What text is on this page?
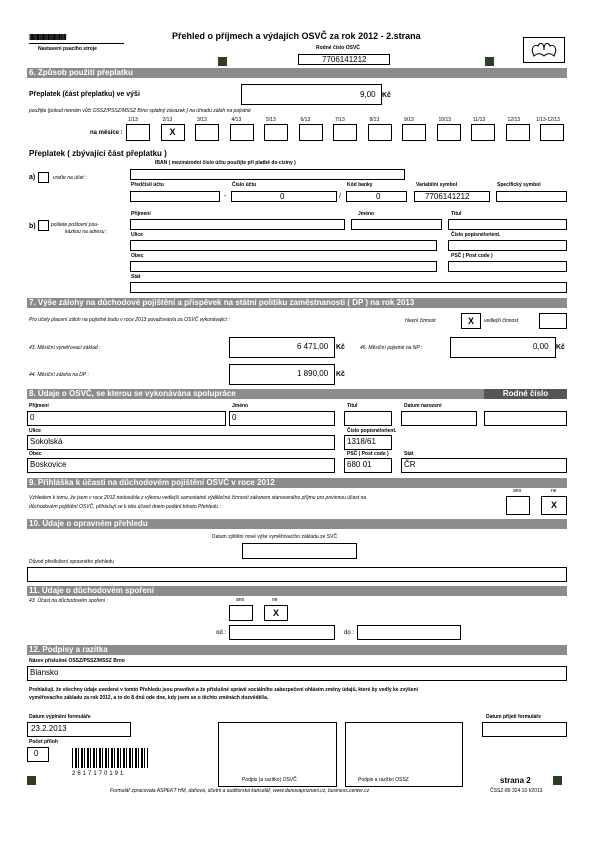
IIIIIIIIIIIIIIIIIIIIIIIIIIIIII
Nastavení psacího stroje
Přehled o příjmech a výdajích OSVČ za rok 2012 - 2.strana
Rodné číslo OSVČ
7706141212
6. Způsob použití přeplatku
Přeplatek (část přeplatku) ve výši	9,00 Kč
použijte (pokud nemám vůči OSSZ/PSSZ/MSSZ Brno splatný závazek ) na úhradu záloh na pojistné
na měsíce :
1/13	2/13
X
3/13	4/13	5/13	6/13	7/13	8/13	9/13	10/13	11/13	12/13	1/13-12/13
Přeplatek ( zbývající část přeplatku )
IBAN ( mezinárodní číslo účtu použijte při platbě do ciziny )
a)	vraťte na účet :
Předčíslí účtu	Číslo účtu	Kód banky	Variabilní symbol	Specifický symbol
-	0	/	0	7706141212
b)	pošlete poštovní pou-
kázkou na adresu :
Příjmení	Jméno	Titul
Ulice	Číslo popisné/orient.
Obec	PSČ ( Post code )
Stát
7. Výše zálohy na důchodové pojištění a příspěvek na státní politiku zaměstnanosti ( DP ) na rok 2013
Pro účely placení záloh na pojistné budu v roce 2013 považován/a za OSVČ vykonávající :	hlavní činnost	X	vedlejší činnost
43. Měsíční vyměřovací základ :	6 471,00 Kč	46. Měsíční pojistné na NP :	0,00 Kč
44. Měsíční záloha na DP :	1 890,00 Kč
8. Údaje o OSVČ, se kterou se vykonávána spolupráce	Rodné číslo
Příjmení	Jméno	Titul	Datum narození
0	0
Ulice	Číslo popisné/orient.
Sokolská	1318/61
Obec	PSČ ( Post code )	Stát
Boskovice	680 01	ČR
9. Přihláška k účasti na důchodovém pojištění OSVČ v roce 2012
Vzhledem k tomu, že jsem v roce 2012 nedosáhla z výkonu vedlejší samostatné výdělečné činnosti zákonem stanoveného příjmu pro povinnou účast na
důchodovém pojištění OSVČ, přihlašují se k této účasti dnem podání tohoto Přehledu :
ano	ne
X
10. Údaje o opravném přehledu
Datum zjištění nové výše vyměřovacího základu ze SVČ
Důvod předložení opravného přehledu
11. Údaje o důchodovém spoření
43. Účast na důchodovém spoření :	ano	ne
X
od :	do :
12. Podpisy a razítka
Název příslušné OSSZ/PSSZ/MSSZ Brno
Blansko
Prohlašuji, že všechny údaje uvedené v tomto Přehledu jsou pravdivé a že příslušné správě sociálního zabezpečení ohlásím změny údajů, které by vedly ke zvýšení
vyměřovacího základu za rok 2012, a to do 8 dnů ode dne, kdy jsem se o těchto změnách dozvěděl/a.
Datum vyplnění formuláře
23.2.2013
Datum přijetí formuláře
Počet příloh
0
Podpis (a razítko) OSVČ	Podpis a razítko OSSZ
2617170191
strana 2
ČSSZ-89 324 10 I/2013
Formulář zpracovala ASPEKT HM, daňová, účetní a auditorská kancelář, www.danovapriznani.cz, business.center.cz
